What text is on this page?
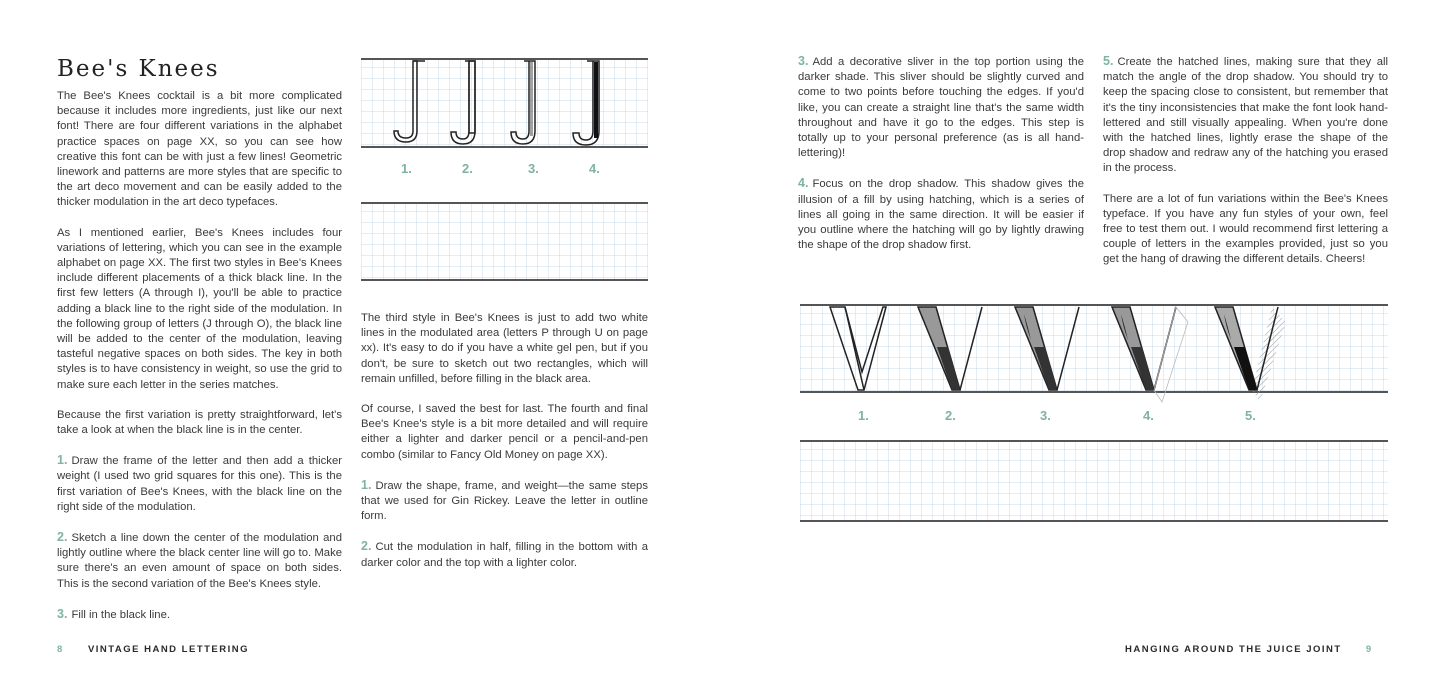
Bee's Knees

The Bee's Knees cocktail is a bit more complicated because it includes more ingredients, just like our next font! There are four different variations in the alphabet practice spaces on page XX, so you can see how creative this font can be with just a few lines! Geometric linework and patterns are more styles that are specific to the art deco movement and can be easily added to the thicker modulation in the art deco typefaces.

As I mentioned earlier, Bee's Knees includes four variations of lettering, which you can see in the example alphabet on page XX. The first two styles in Bee's Knees include different placements of a thick black line. In the first few letters (A through I), you'll be able to practice adding a black line to the right side of the modulation. In the following group of letters (J through O), the black line will be added to the center of the modulation, leaving tasteful negative spaces on both sides. The key in both styles is to have consistency in weight, so use the grid to make sure each letter in the series matches.

Because the first variation is pretty straightforward, let's take a look at when the black line is in the center.

1. Draw the frame of the letter and then add a thicker weight (I used two grid squares for this one). This is the first variation of Bee's Knees, with the black line on the right side of the modulation.

2. Sketch a line down the center of the modulation and lightly outline where the black center line will go to. Make sure there's an even amount of space on both sides. This is the second variation of the Bee's Knees style.

3. Fill in the black line.

1.	2.	3.	4.

The third style in Bee's Knees is just to add two white lines in the modulated area (letters P through U on page xx). It's easy to do if you have a white gel pen, but if you don't, be sure to sketch out two rectangles, which will remain unfilled, before filling in the black area.

Of course, I saved the best for last. The fourth and final Bee's Knee's style is a bit more detailed and will require either a lighter and darker pencil or a pencil-and-pen combo (similar to Fancy Old Money on page XX).

1. Draw the shape, frame, and weight—the same steps that we used for Gin Rickey. Leave the letter in outline form.

2. Cut the modulation in half, filling in the bottom with a darker color and the top with a lighter color.

8	VINTAGE HAND LETTERING

3. Add a decorative sliver in the top portion using the darker shade. This sliver should be slightly curved and come to two points before touching the edges. If you'd like, you can create a straight line that's the same width throughout and have it go to the edges. This step is totally up to your personal preference (as is all hand-lettering)!

4. Focus on the drop shadow. This shadow gives the illusion of a fill by using hatching, which is a series of lines all going in the same direction. It will be easier if you outline where the hatching will go by lightly drawing the shape of the drop shadow first.

5. Create the hatched lines, making sure that they all match the angle of the drop shadow. You should try to keep the spacing close to consistent, but remember that it's the tiny inconsistencies that make the font look hand-lettered and still visually appealing. When you're done with the hatched lines, lightly erase the shape of the drop shadow and redraw any of the hatching you erased in the process.

There are a lot of fun variations within the Bee's Knees typeface. If you have any fun styles of your own, feel free to test them out. I would recommend first lettering a couple of letters in the examples provided, just so you get the hang of drawing the different details. Cheers!

1.	2.	3.	4.	5.
HANGING AROUND THE JUICE JOINT	9
